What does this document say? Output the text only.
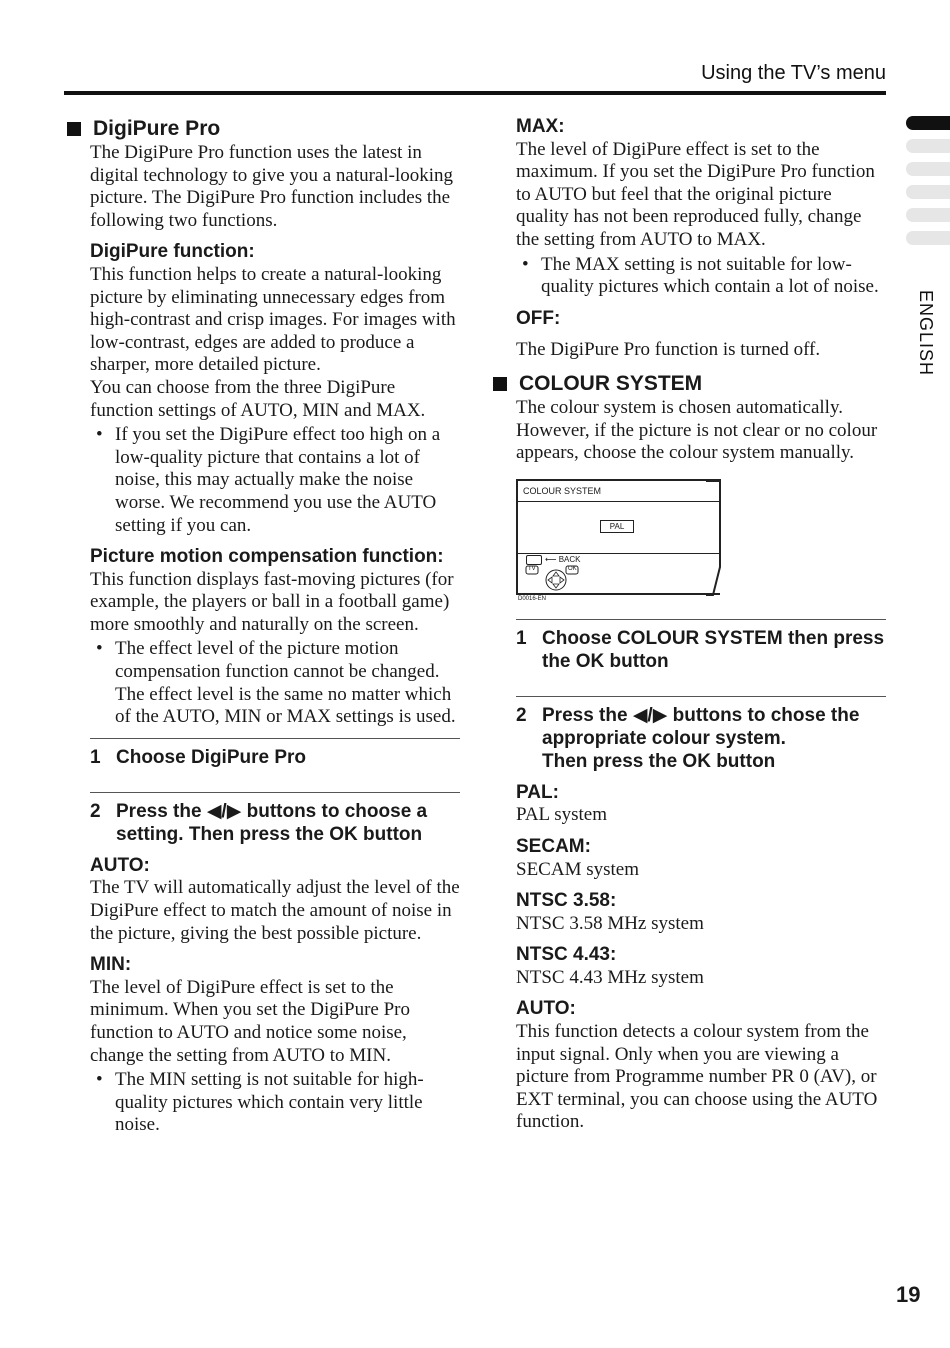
Using the TV’s menu
DigiPure Pro

The DigiPure Pro function uses the latest in digital technology to give you a natural-looking picture. The DigiPure Pro function includes the following two functions.

DigiPure function:

This function helps to create a natural-looking picture by eliminating unnecessary edges from high-contrast and crisp images. For images with low-contrast, edges are added to produce a sharper, more detailed picture.

You can choose from the three DigiPure function settings of AUTO, MIN and MAX.

• If you set the DigiPure effect too high on a low-quality picture that contains a lot of noise, this may actually make the noise worse. We recommend you use the AUTO setting if you can.

Picture motion compensation function:

This function displays fast-moving pictures (for example, the players or ball in a football game) more smoothly and naturally on the screen.

• The effect level of the picture motion compensation function cannot be changed. The effect level is the same no matter which of the AUTO, MIN or MAX settings is used.

1 Choose DigiPure Pro
2 Press the ◀/▶ buttons to choose a setting. Then press the OK button
AUTO:

The TV will automatically adjust the level of the DigiPure effect to match the amount of noise in the picture, giving the best possible picture.

MIN:

The level of DigiPure effect is set to the minimum. When you set the DigiPure Pro function to AUTO and notice some noise, change the setting from AUTO to MIN.

• The MIN setting is not suitable for high-quality pictures which contain very little noise.

MAX:

The level of DigiPure effect is set to the maximum. If you set the DigiPure Pro function to AUTO but feel that the original picture quality has not been reproduced fully, change the setting from AUTO to MAX.

• The MAX setting is not suitable for low-quality pictures which contain a lot of noise.

OFF:

The DigiPure Pro function is turned off.

COLOUR SYSTEM

The colour system is chosen automatically. However, if the picture is not clear or no colour appears, choose the colour system manually.

COLOUR SYSTEM
PAL
⟵ BACK
TV	OK
D0016-EN
1 Choose COLOUR SYSTEM then press the OK button
2 Press the ◀/▶ buttons to chose the appropriate colour system.
Then press the OK button
PAL:

PAL system

SECAM:

SECAM system

NTSC 3.58:

NTSC 3.58 MHz system

NTSC 4.43:

NTSC 4.43 MHz system

AUTO:

This function detects a colour system from the input signal. Only when you are viewing a picture from Programme number PR 0 (AV), or EXT terminal, you can choose using the AUTO function.

ENGLISH
19
